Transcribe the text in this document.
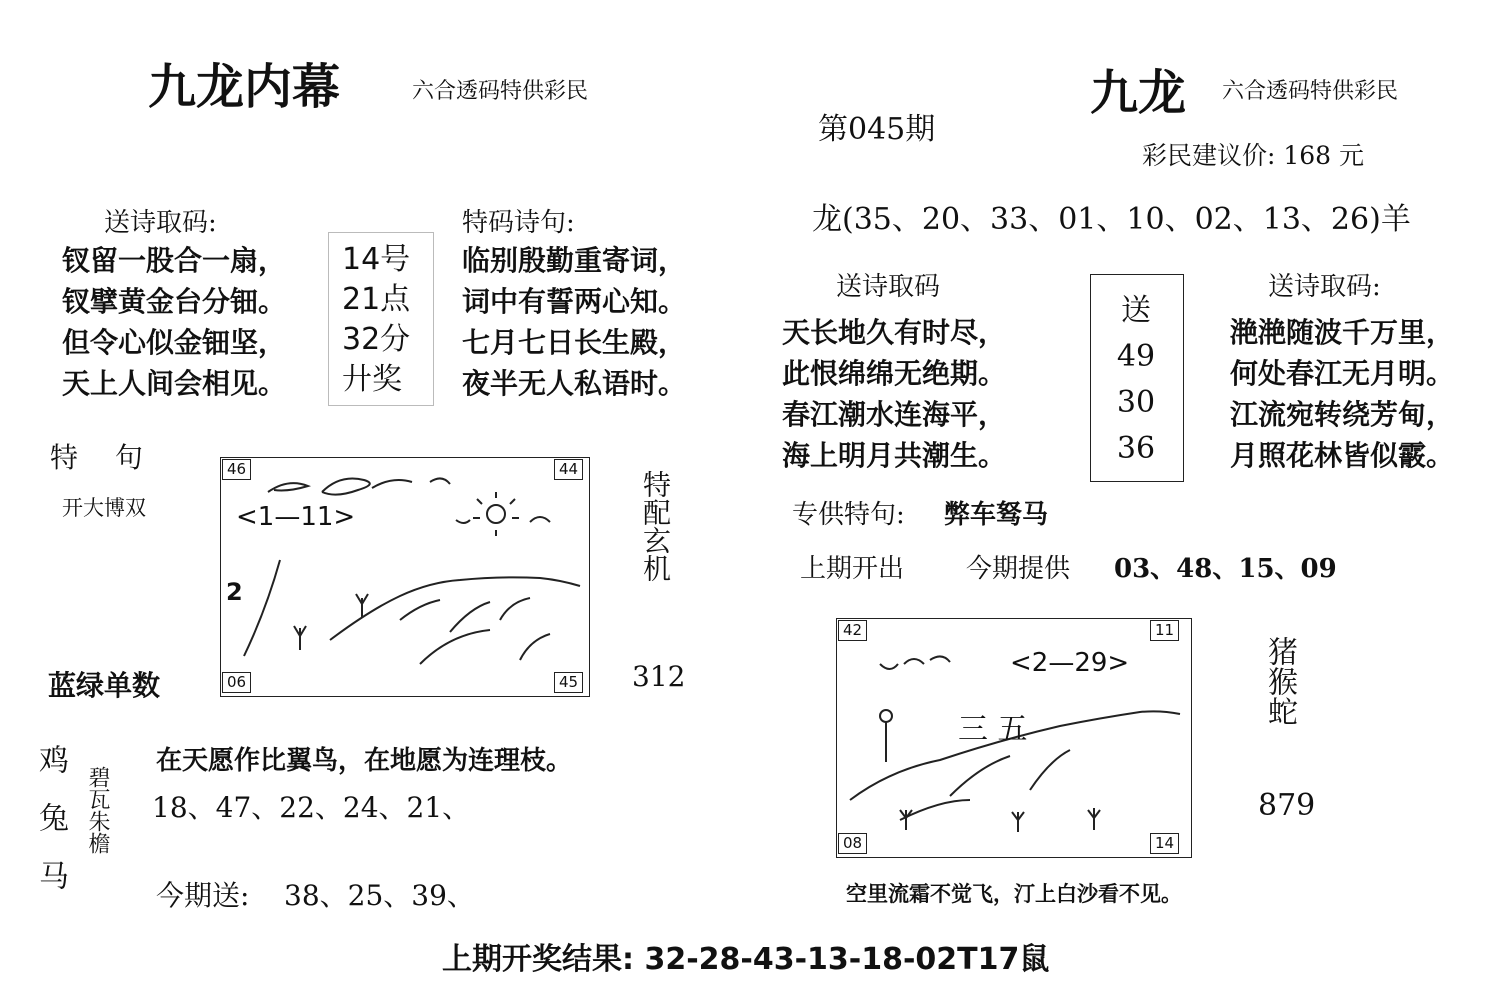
九龙内幕	六合透码特供彩民
送诗取码:
钗留一股合一扇，
钗擘黄金台分钿。
但令心似金钿坚，
天上人间会相见。
14号
21点
32分
廾奖
特码诗句:
临别殷勤重寄词，
词中有誓两心知。
七月七日长生殿，
夜半无人私语时。
特 句
开大博双
46	44
06	45
<1—11>
2
特配玄机
312
蓝绿单数
鸡兔马 碧瓦朱檐
在天愿作比翼鸟，在地愿为连理枝。
18、47、22、24、21、
今期送: 38、25、39、
第045期
九龙 六合透码特供彩民
彩民建议价: 168 元
龙(35、20、33、01、10、02、13、26)羊
送诗取码
天长地久有时尽，
此恨绵绵无绝期。
春江潮水连海平，
海上明月共潮生。
送
49
30
36
送诗取码:
滟滟随波千万里，
何处春江无月明。
江流宛转绕芳甸，
月照花林皆似霰。
专供特句: 弊车驽马
上期开出 今期提供 03、48、15、09
42	11
08	14
<2—29>
三 五
猪猴蛇
879
空里流霜不觉飞，汀上白沙看不见。
上期开奖结果: 32-28-43-13-18-02T17鼠
